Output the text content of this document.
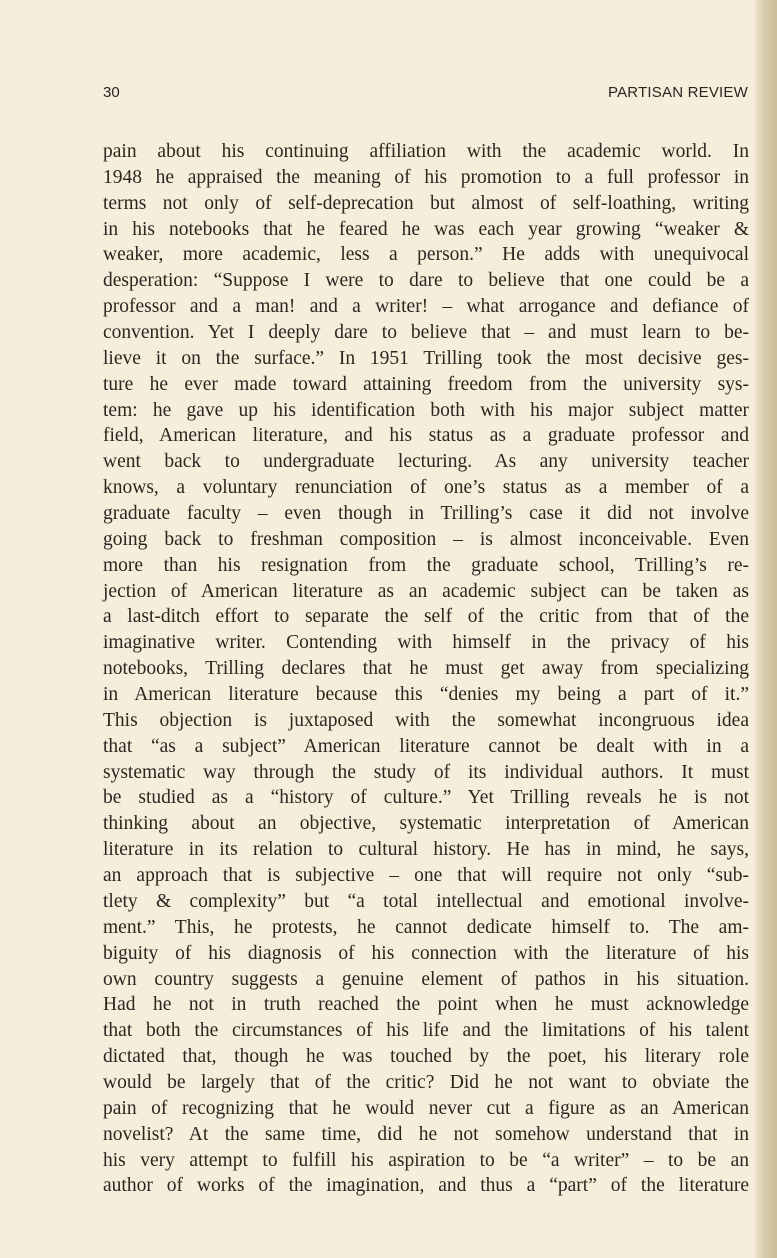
30	PARTISAN REVIEW
pain about his continuing affiliation with the academic world. In
1948 he appraised the meaning of his promotion to a full professor in
terms not only of self-deprecation but almost of self-loathing, writing
in his notebooks that he feared he was each year growing “weaker &
weaker, more academic, less a person.” He adds with unequivocal
desperation: “Suppose I were to dare to believe that one could be a
professor and a man! and a writer! – what arrogance and defiance of
convention. Yet I deeply dare to believe that – and must learn to be-
lieve it on the surface.” In 1951 Trilling took the most decisive ges-
ture he ever made toward attaining freedom from the university sys-
tem: he gave up his identification both with his major subject matter
field, American literature, and his status as a graduate professor and
went back to undergraduate lecturing. As any university teacher
knows, a voluntary renunciation of one’s status as a member of a
graduate faculty – even though in Trilling’s case it did not involve
going back to freshman composition – is almost inconceivable. Even
more than his resignation from the graduate school, Trilling’s re-
jection of American literature as an academic subject can be taken as
a last-ditch effort to separate the self of the critic from that of the
imaginative writer. Contending with himself in the privacy of his
notebooks, Trilling declares that he must get away from specializing
in American literature because this “denies my being a part of it.”
This objection is juxtaposed with the somewhat incongruous idea
that “as a subject” American literature cannot be dealt with in a
systematic way through the study of its individual authors. It must
be studied as a “history of culture.” Yet Trilling reveals he is not
thinking about an objective, systematic interpretation of American
literature in its relation to cultural history. He has in mind, he says,
an approach that is subjective – one that will require not only “sub-
tlety & complexity” but “a total intellectual and emotional involve-
ment.” This, he protests, he cannot dedicate himself to. The am-
biguity of his diagnosis of his connection with the literature of his
own country suggests a genuine element of pathos in his situation.
Had he not in truth reached the point when he must acknowledge
that both the circumstances of his life and the limitations of his talent
dictated that, though he was touched by the poet, his literary role
would be largely that of the critic? Did he not want to obviate the
pain of recognizing that he would never cut a figure as an American
novelist? At the same time, did he not somehow understand that in
his very attempt to fulfill his aspiration to be “a writer” – to be an
author of works of the imagination, and thus a “part” of the literature
